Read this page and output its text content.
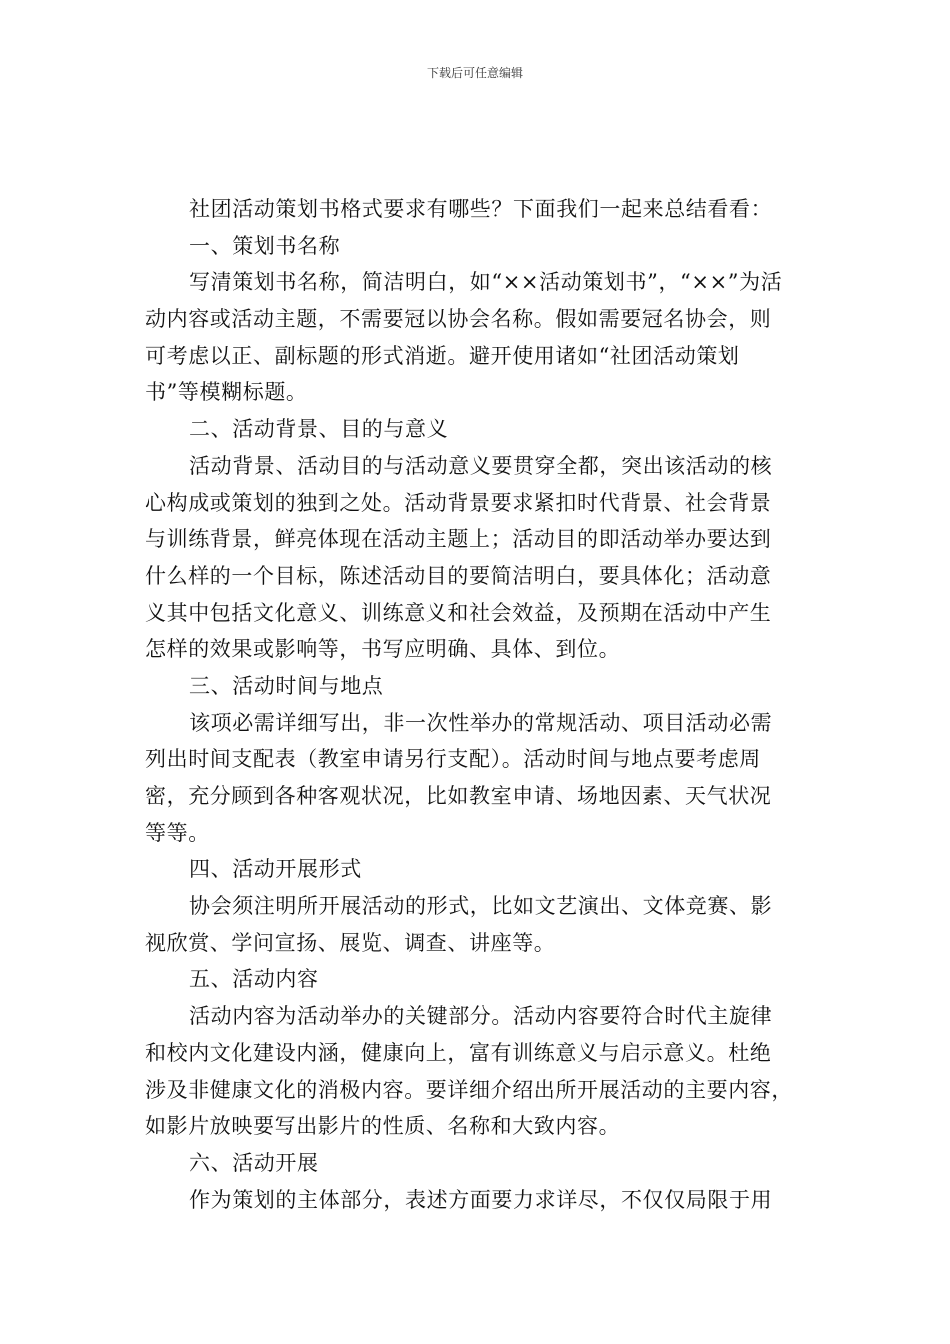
下载后可任意编辑
社团活动策划书格式要求有哪些？下面我们一起来总结看看：
一、策划书名称
写清策划书名称，简洁明白，如“××活动策划书”，“××”为活
动内容或活动主题，不需要冠以协会名称。假如需要冠名协会，则
可考虑以正、副标题的形式消逝。避开使用诸如“社团活动策划
书”等模糊标题。
二、活动背景、目的与意义
活动背景、活动目的与活动意义要贯穿全都，突出该活动的核
心构成或策划的独到之处。活动背景要求紧扣时代背景、社会背景
与训练背景，鲜亮体现在活动主题上；活动目的即活动举办要达到
什么样的一个目标，陈述活动目的要简洁明白，要具体化；活动意
义其中包括文化意义、训练意义和社会效益，及预期在活动中产生
怎样的效果或影响等，书写应明确、具体、到位。
三、活动时间与地点
该项必需详细写出，非一次性举办的常规活动、项目活动必需
列出时间支配表（教室申请另行支配）。活动时间与地点要考虑周
密，充分顾到各种客观状况，比如教室申请、场地因素、天气状况
等等。
四、活动开展形式
协会须注明所开展活动的形式，比如文艺演出、文体竞赛、影
视欣赏、学问宣扬、展览、调查、讲座等。
五、活动内容
活动内容为活动举办的关键部分。活动内容要符合时代主旋律
和校内文化建设内涵，健康向上，富有训练意义与启示意义。杜绝
涉及非健康文化的消极内容。要详细介绍出所开展活动的主要内容，
如影片放映要写出影片的性质、名称和大致内容。
六、活动开展
作为策划的主体部分，表述方面要力求详尽，不仅仅局限于用
